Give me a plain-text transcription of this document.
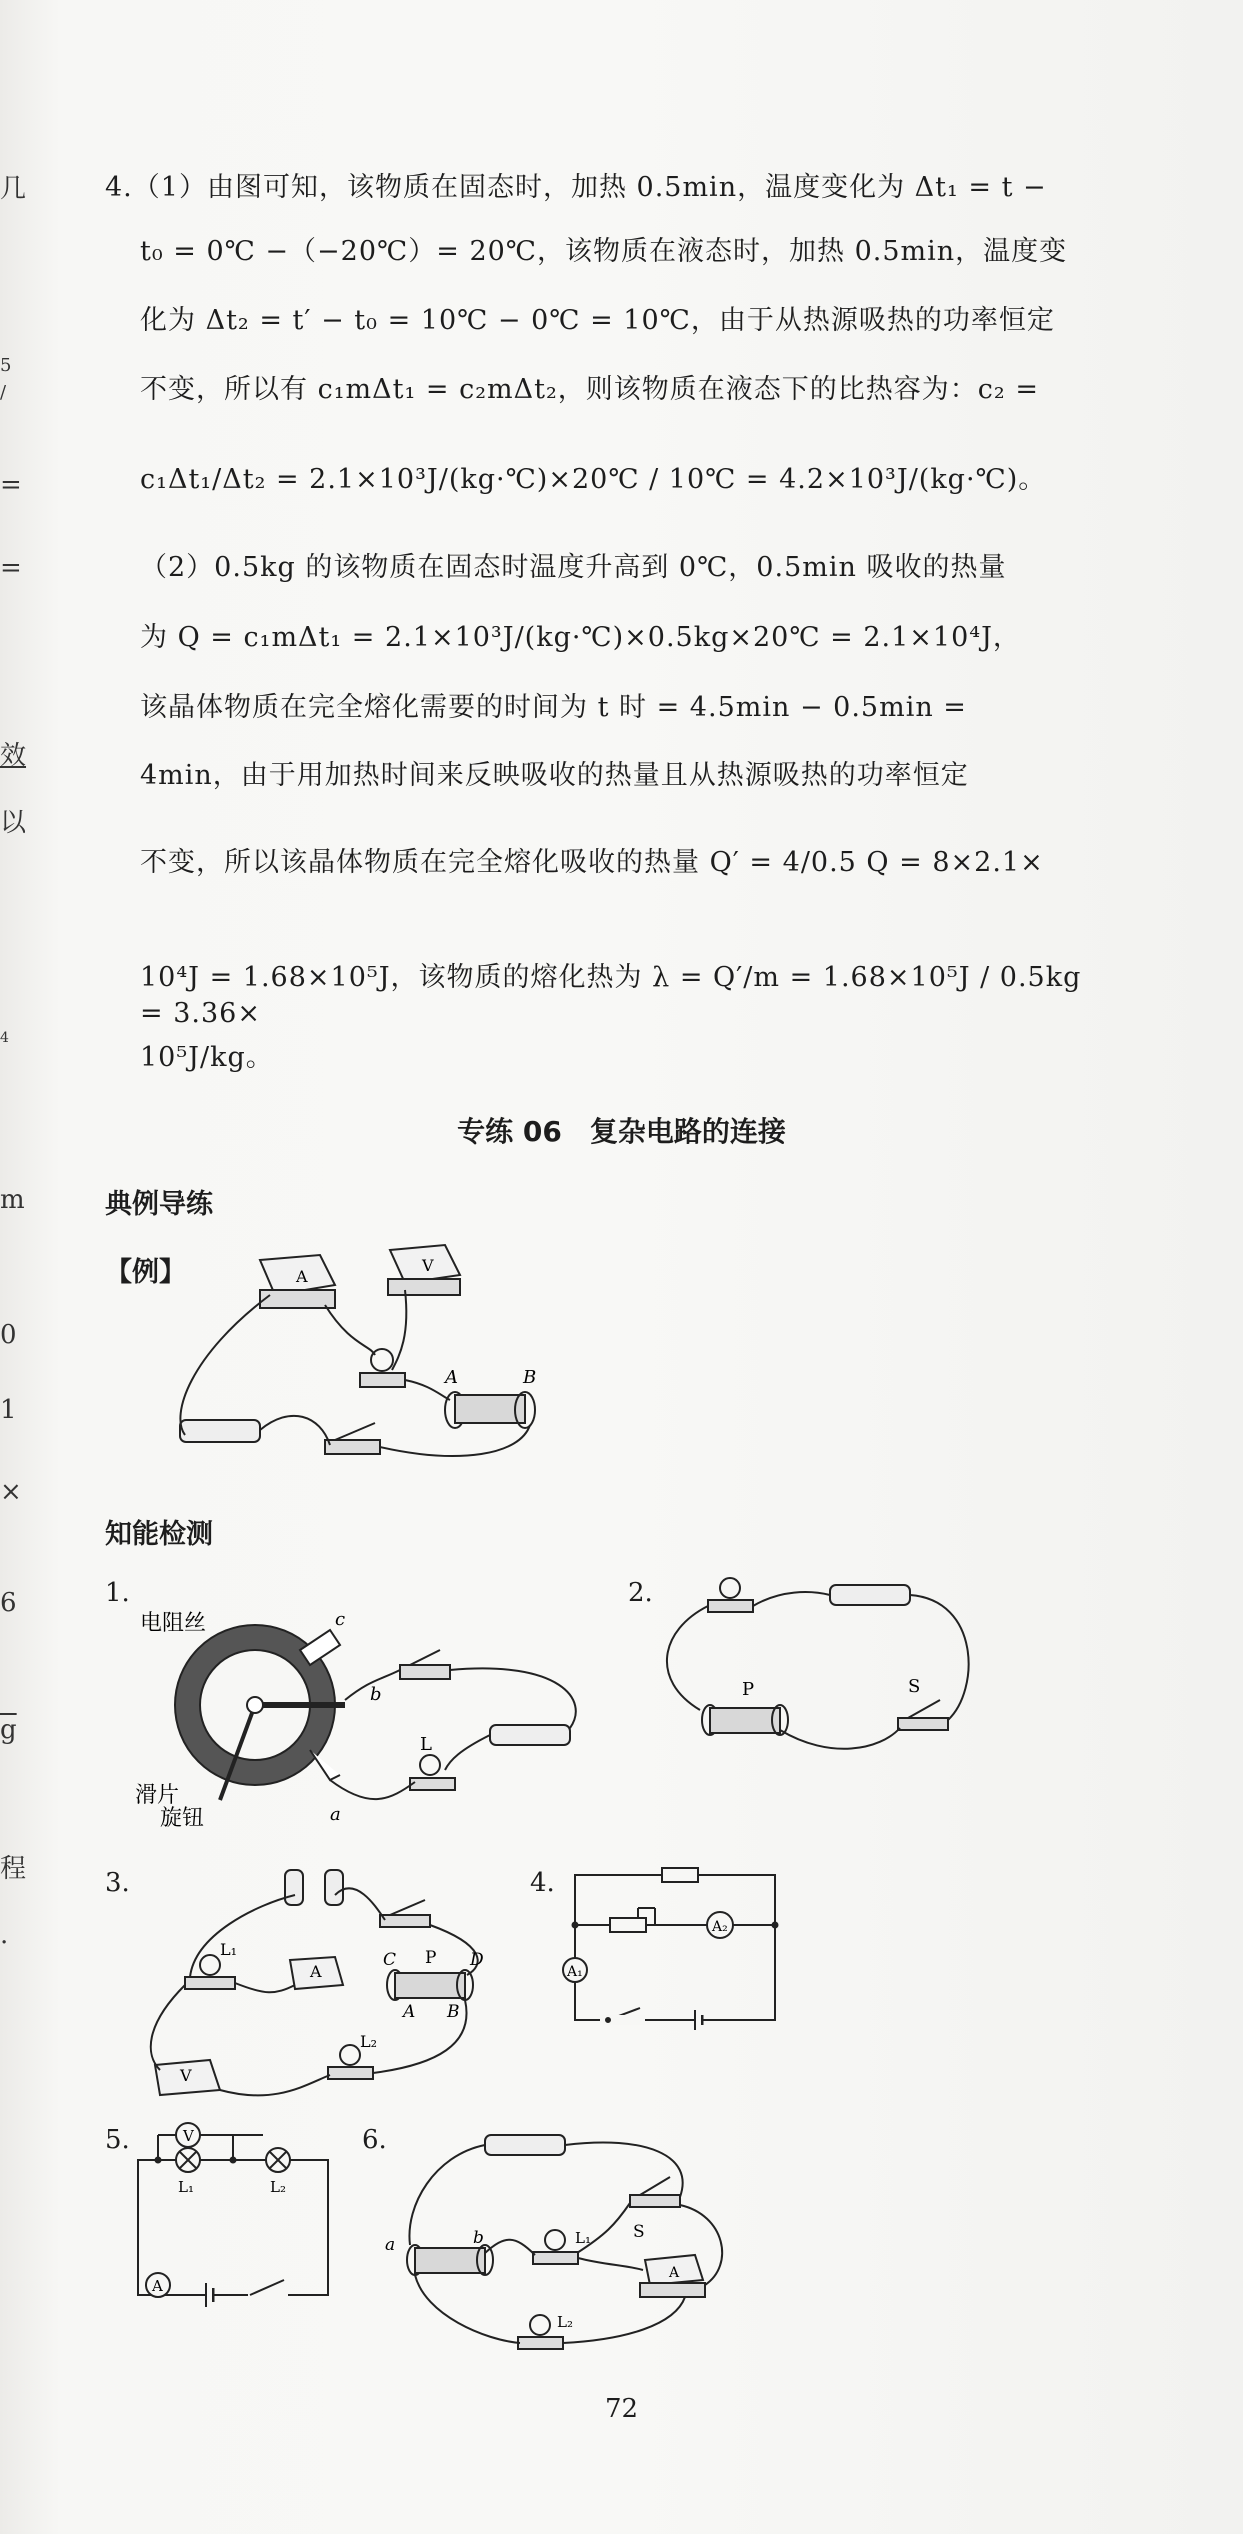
几
5
/
=
=
效
以
4
m
0
1
×
6
$\overline{g}$
程
.
4.（1）由图可知，该物质在固态时，加热 0.5min，温度变化为 Δt₁ = t −
t₀ = 0℃ −（−20℃）= 20℃，该物质在液态时，加热 0.5min，温度变
化为 Δt₂ = t′ − t₀ = 10℃ − 0℃ = 10℃，由于从热源吸热的功率恒定
不变，所以有 c₁mΔt₁ = c₂mΔt₂，则该物质在液态下的比热容为：c₂ =
c₁Δt₁/Δt₂ = 2.1×10³J/(kg·℃)×20℃ / 10℃ = 4.2×10³J/(kg·℃)。
（2）0.5kg 的该物质在固态时温度升高到 0℃，0.5min 吸收的热量
为 Q = c₁mΔt₁ = 2.1×10³J/(kg·℃)×0.5kg×20℃ = 2.1×10⁴J，
该晶体物质在完全熔化需要的时间为 t 时 = 4.5min − 0.5min =
4min，由于用加热时间来反映吸收的热量且从热源吸热的功率恒定
不变，所以该晶体物质在完全熔化吸收的热量 Q′ = 4/0.5 Q = 8×2.1×
10⁴J = 1.68×10⁵J，该物质的熔化热为 λ = Q′/m = 1.68×10⁵J / 0.5kg = 3.36×
10⁵J/kg。
专练 06　复杂电路的连接
典例导练
【例】
知能检测
A
V
A	B
1.
电阻丝
滑片
旋钮
c
b
a
L
2.
P	S
3.
L₁
A
V
L₂
C P D
A B
4.
A₂
A₁
5.	V
L₁	L₂
A
6.
a	b	L₁ S
A
L₂
72
